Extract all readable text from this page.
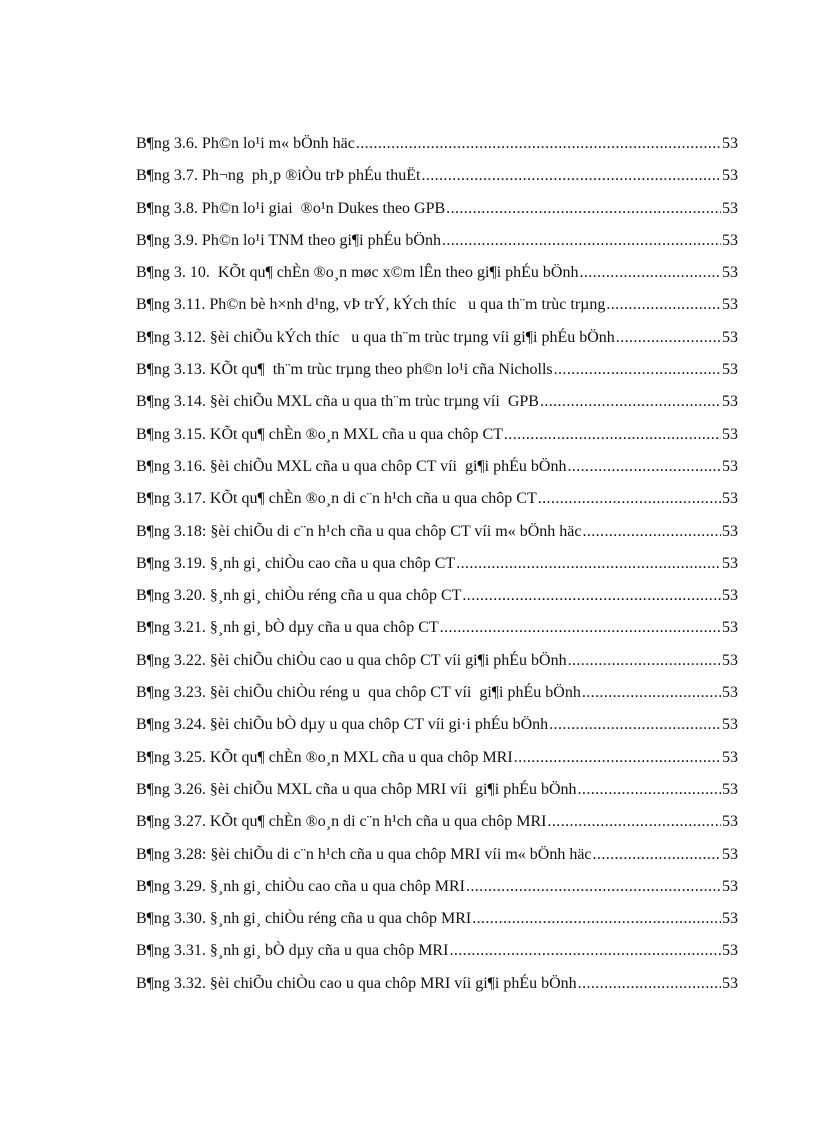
B¶ng 3.6. Ph©n lo¹i m« bÖnh häc .....	53
B¶ng 3.7. Ph¬ng  ph¸p ®iÒu trÞ phÉu thuËt .....	53
B¶ng 3.8. Ph©n lo¹i giai  ®o¹n Dukes theo GPB .....	53
B¶ng 3.9. Ph©n lo¹i TNM theo gi¶i phÉu bÖnh .....	53
B¶ng 3. 10.  KÕt qu¶ chÈn ®o¸n møc x©m lÊn theo gi¶i phÉu bÖnh .....	53
B¶ng 3.11. Ph©n bè h×nh d¹ng, vÞ trÝ, kÝch thíc   u qua th¨m trùc trµng .....	53
B¶ng 3.12. §èi chiÕu kÝch thíc   u qua th¨m trùc trµng víi gi¶i phÉu bÖnh .....	53
B¶ng 3.13. KÕt qu¶  th¨m trùc trµng theo ph©n lo¹i cña Nicholls .....	53
B¶ng 3.14. §èi chiÕu MXL cña u qua th¨m trùc trµng víi  GPB .....	53
B¶ng 3.15. KÕt qu¶ chÈn ®o¸n MXL cña u qua chôp CT .....	53
B¶ng 3.16. §èi chiÕu MXL cña u qua chôp CT víi  gi¶i phÉu bÖnh .....	53
B¶ng 3.17. KÕt qu¶ chÈn ®o¸n di c¨n h¹ch cña u qua chôp CT .....	53
B¶ng 3.18: §èi chiÕu di c¨n h¹ch cña u qua chôp CT víi m« bÖnh häc .....	53
B¶ng 3.19. §¸nh gi¸ chiÒu cao cña u qua chôp CT .....	53
B¶ng 3.20. §¸nh gi¸ chiÒu réng cña u qua chôp CT .....	53
B¶ng 3.21. §¸nh gi¸ bÒ dµy cña u qua chôp CT .....	53
B¶ng 3.22. §èi chiÕu chiÒu cao u qua chôp CT víi gi¶i phÉu bÖnh .....	53
B¶ng 3.23. §èi chiÕu chiÒu réng u  qua chôp CT víi  gi¶i phÉu bÖnh .....	53
B¶ng 3.24. §èi chiÕu bÒ dµy u qua chôp CT víi gi·i phÉu bÖnh .....	53
B¶ng 3.25. KÕt qu¶ chÈn ®o¸n MXL cña u qua chôp MRI .....	53
B¶ng 3.26. §èi chiÕu MXL cña u qua chôp MRI víi  gi¶i phÉu bÖnh .....	53
B¶ng 3.27. KÕt qu¶ chÈn ®o¸n di c¨n h¹ch cña u qua chôp MRI .....	53
B¶ng 3.28: §èi chiÕu di c¨n h¹ch cña u qua chôp MRI víi m« bÖnh häc .....	53
B¶ng 3.29. §¸nh gi¸ chiÒu cao cña u qua chôp MRI .....	53
B¶ng 3.30. §¸nh gi¸ chiÒu réng cña u qua chôp MRI .....	53
B¶ng 3.31. §¸nh gi¸ bÒ dµy cña u qua chôp MRI .....	53
B¶ng 3.32. §èi chiÕu chiÒu cao u qua chôp MRI víi gi¶i phÉu bÖnh .....	53
